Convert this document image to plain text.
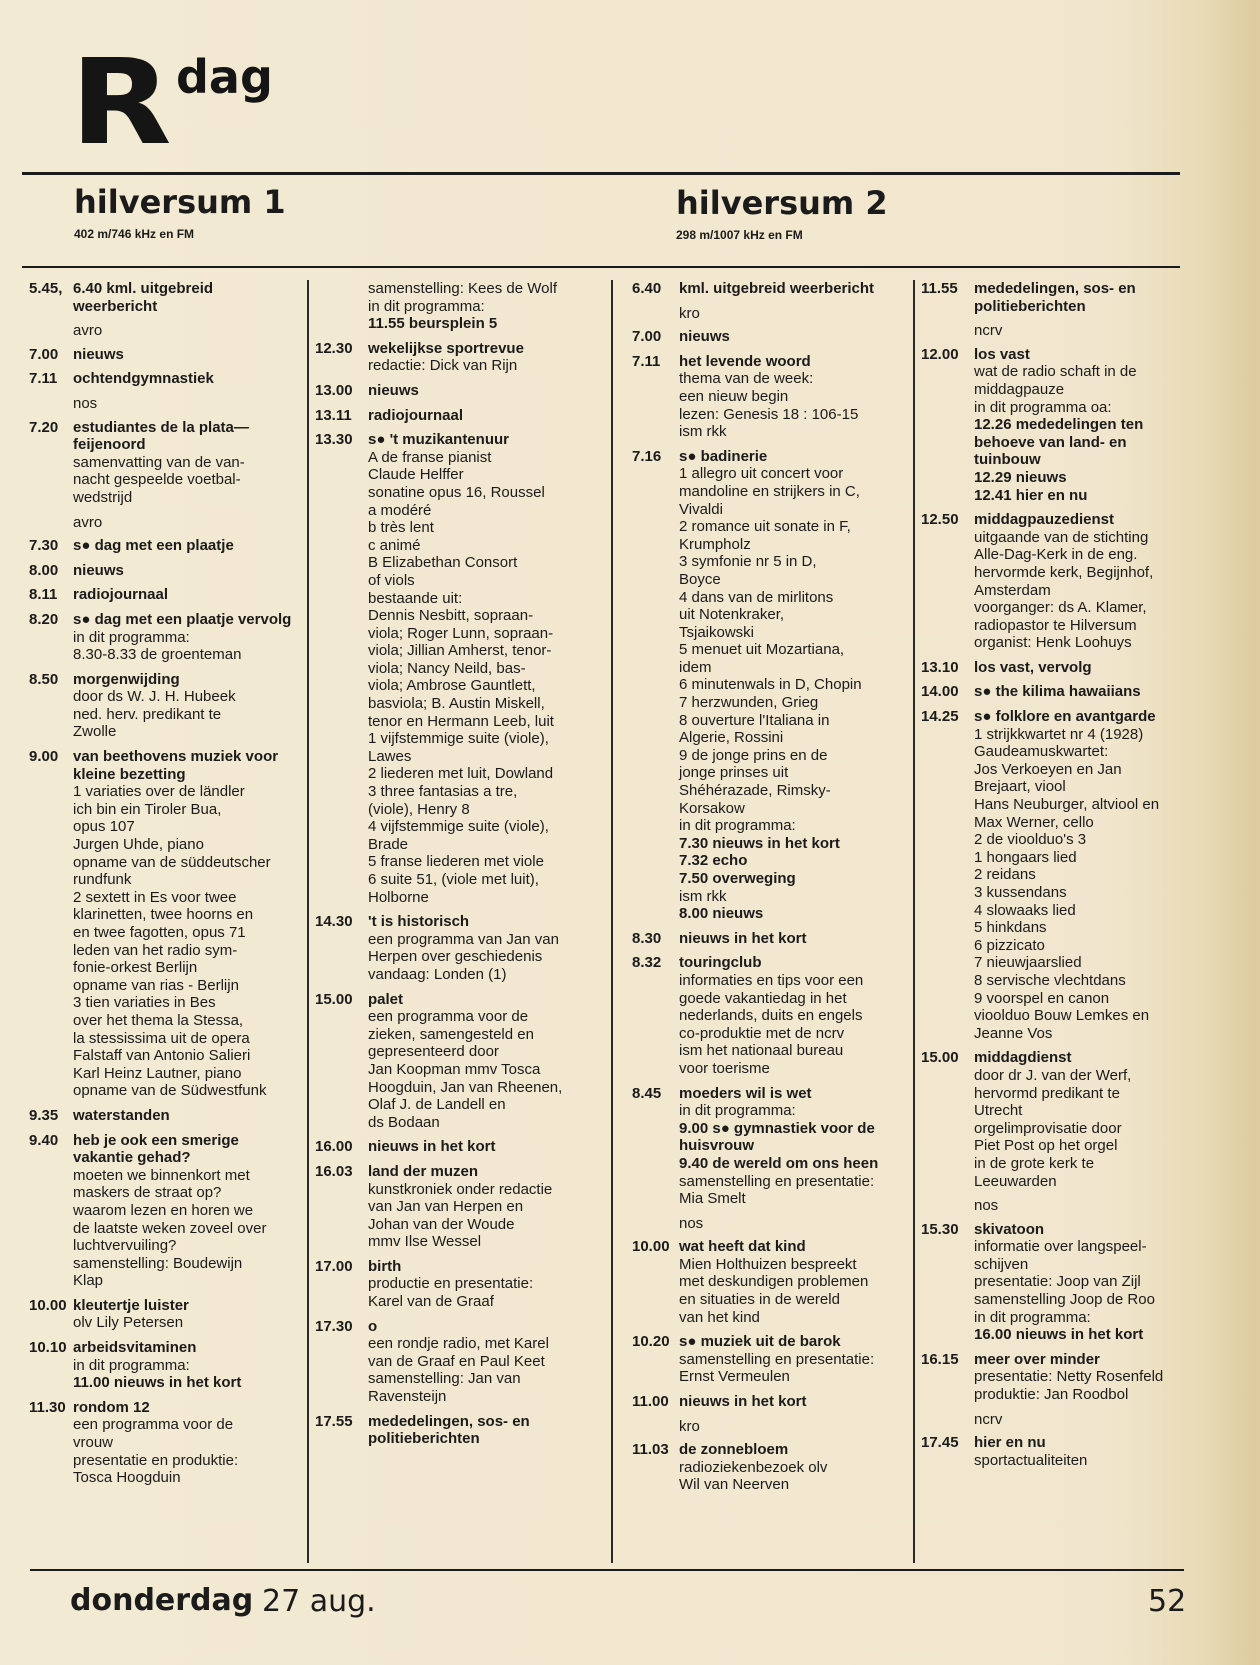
R dag
hilversum 1
402 m/746 kHz en FM
hilversum 2
298 m/1007 kHz en FM
5.45, 6.40 kml. uitgebreid weerbericht
avro
7.00 nieuws
7.11	ochtendgymnastiek
nos
7.20 estudiantes de la plata— feijenoord
samenvatting van de van-
nacht gespeelde voetbal-
wedstrijd
avro
7.30 s● dag met een plaatje
8.00 nieuws
8.11	radiojournaal
8.20 s● dag met een plaatje vervolg
in dit programma:
8.30-8.33 de groenteman
8.50 morgenwijding
door ds W. J. H. Hubeek
ned. herv. predikant te
Zwolle
9.00 van beethovens muziek voor kleine bezetting
1 variaties over de ländler
ich bin ein Tiroler Bua,
opus 107
Jurgen Uhde, piano
opname van de süddeutscher
rundfunk
2 sextett in Es voor twee
klarinetten, twee hoorns en
en twee fagotten, opus 71
leden van het radio sym-
fonie-orkest Berlijn
opname van rias - Berlijn
3 tien variaties in Bes
over het thema la Stessa,
la stessissima uit de opera
Falstaff van Antonio Salieri
Karl Heinz Lautner, piano
opname van de Südwestfunk
9.35 waterstanden
9.40 heb je ook een smerige vakantie gehad?
moeten we binnenkort met
maskers de straat op?
waarom lezen en horen we
de laatste weken zoveel over
luchtvervuiling?
samenstelling: Boudewijn
Klap
10.00 kleutertje luister
olv Lily Petersen
10.10 arbeidsvitaminen
in dit programma:
11.00 nieuws in het kort
11.30 rondom 12
een programma voor de
vrouw
presentatie en produktie:
Tosca Hoogduin
samenstelling: Kees de Wolf
in dit programma:
11.55 beursplein 5
12.30	wekelijkse sportrevue
redactie: Dick van Rijn
13.00	nieuws
13.11	radiojournaal
13.30	s● 't muzikantenuur
A de franse pianist
Claude Helffer
sonatine opus 16, Roussel
a modéré
b très lent
c animé
B Elizabethan Consort
of viols
bestaande uit:
Dennis Nesbitt, sopraan-
viola; Roger Lunn, sopraan-
viola; Jillian Amherst, tenor-
viola; Nancy Neild, bas-
viola; Ambrose Gauntlett,
basviola; B. Austin Miskell,
tenor en Hermann Leeb, luit
1 vijfstemmige suite (viole),
Lawes
2 liederen met luit, Dowland
3 three fantasias a tre,
(viole), Henry 8
4 vijfstemmige suite (viole),
Brade
5 franse liederen met viole
6 suite 51, (viole met luit),
Holborne
14.30	't is historisch
een programma van Jan van
Herpen over geschiedenis
vandaag: Londen (1)
15.00	palet
een programma voor de
zieken, samengesteld en
gepresenteerd door
Jan Koopman mmv Tosca
Hoogduin, Jan van Rheenen,
Olaf J. de Landell en
ds Bodaan
16.00	nieuws in het kort
16.03	land der muzen
kunstkroniek onder redactie
van Jan van Herpen en
Johan van der Woude
mmv Ilse Wessel
17.00	birth
productie en presentatie:
Karel van de Graaf
17.30	o
een rondje radio, met Karel
van de Graaf en Paul Keet
samenstelling: Jan van
Ravensteijn
17.55	mededelingen, sos- en politieberichten
6.40	kml. uitgebreid weerbericht
kro
7.00	nieuws
7.11	het levende woord
thema van de week:
een nieuw begin
lezen: Genesis 18 : 106-15
ism rkk
7.16	s● badinerie
1 allegro uit concert voor
mandoline en strijkers in C,
Vivaldi
2 romance uit sonate in F,
Krumpholz
3 symfonie nr 5 in D,
Boyce
4 dans van de mirlitons
uit Notenkraker,
Tsjaikowski
5 menuet uit Mozartiana,
idem
6 minutenwals in D, Chopin
7 herzwunden, Grieg
8 ouverture l'Italiana in
Algerie, Rossini
9 de jonge prins en de
jonge prinses uit
Shéhérazade, Rimsky-
Korsakow
in dit programma:
7.30 nieuws in het kort
7.32 echo
7.50 overweging
ism rkk
8.00 nieuws
8.30	nieuws in het kort
8.32	touringclub
informaties en tips voor een
goede vakantiedag in het
nederlands, duits en engels
co-produktie met de ncrv
ism het nationaal bureau
voor toerisme
8.45	moeders wil is wet
in dit programma:
9.00 s● gymnastiek voor de huisvrouw
9.40 de wereld om ons heen
samenstelling en presentatie:
Mia Smelt
nos
10.00 wat heeft dat kind
Mien Holthuizen bespreekt
met deskundigen problemen
en situaties in de wereld
van het kind
10.20 s● muziek uit de barok
samenstelling en presentatie:
Ernst Vermeulen
11.00 nieuws in het kort
kro
11.03 de zonnebloem
radioziekenbezoek olv
Wil van Neerven
11.55	mededelingen, sos- en politieberichten
ncrv
12.00	los vast
wat de radio schaft in de
middagpauze
in dit programma oa:
12.26 mededelingen ten behoeve van land- en tuinbouw
12.29 nieuws
12.41 hier en nu
12.50	middagpauzedienst
uitgaande van de stichting
Alle-Dag-Kerk in de eng.
hervormde kerk, Begijnhof,
Amsterdam
voorganger: ds A. Klamer,
radiopastor te Hilversum
organist: Henk Loohuys
13.10	los vast, vervolg
14.00	s● the kilima hawaiians
14.25	s● folklore en avantgarde
1 strijkkwartet nr 4 (1928)
Gaudeamuskwartet:
Jos Verkoeyen en Jan
Brejaart, viool
Hans Neuburger, altviool en
Max Werner, cello
2 de vioolduo's 3
1 hongaars lied
2 reidans
3 kussendans
4 slowaaks lied
5 hinkdans
6 pizzicato
7 nieuwjaarslied
8 servische vlechtdans
9 voorspel en canon
vioolduo Bouw Lemkes en
Jeanne Vos
15.00	middagdienst
door dr J. van der Werf,
hervormd predikant te
Utrecht
orgelimprovisatie door
Piet Post op het orgel
in de grote kerk te
Leeuwarden
nos
15.30	skivatoon
informatie over langspeel-
schijven
presentatie: Joop van Zijl
samenstelling Joop de Roo
in dit programma:
16.00 nieuws in het kort
16.15	meer over minder
presentatie: Netty Rosenfeld
produktie: Jan Roodbol
ncrv
17.45	hier en nu
sportactualiteiten
donderdag 27 aug.	52
